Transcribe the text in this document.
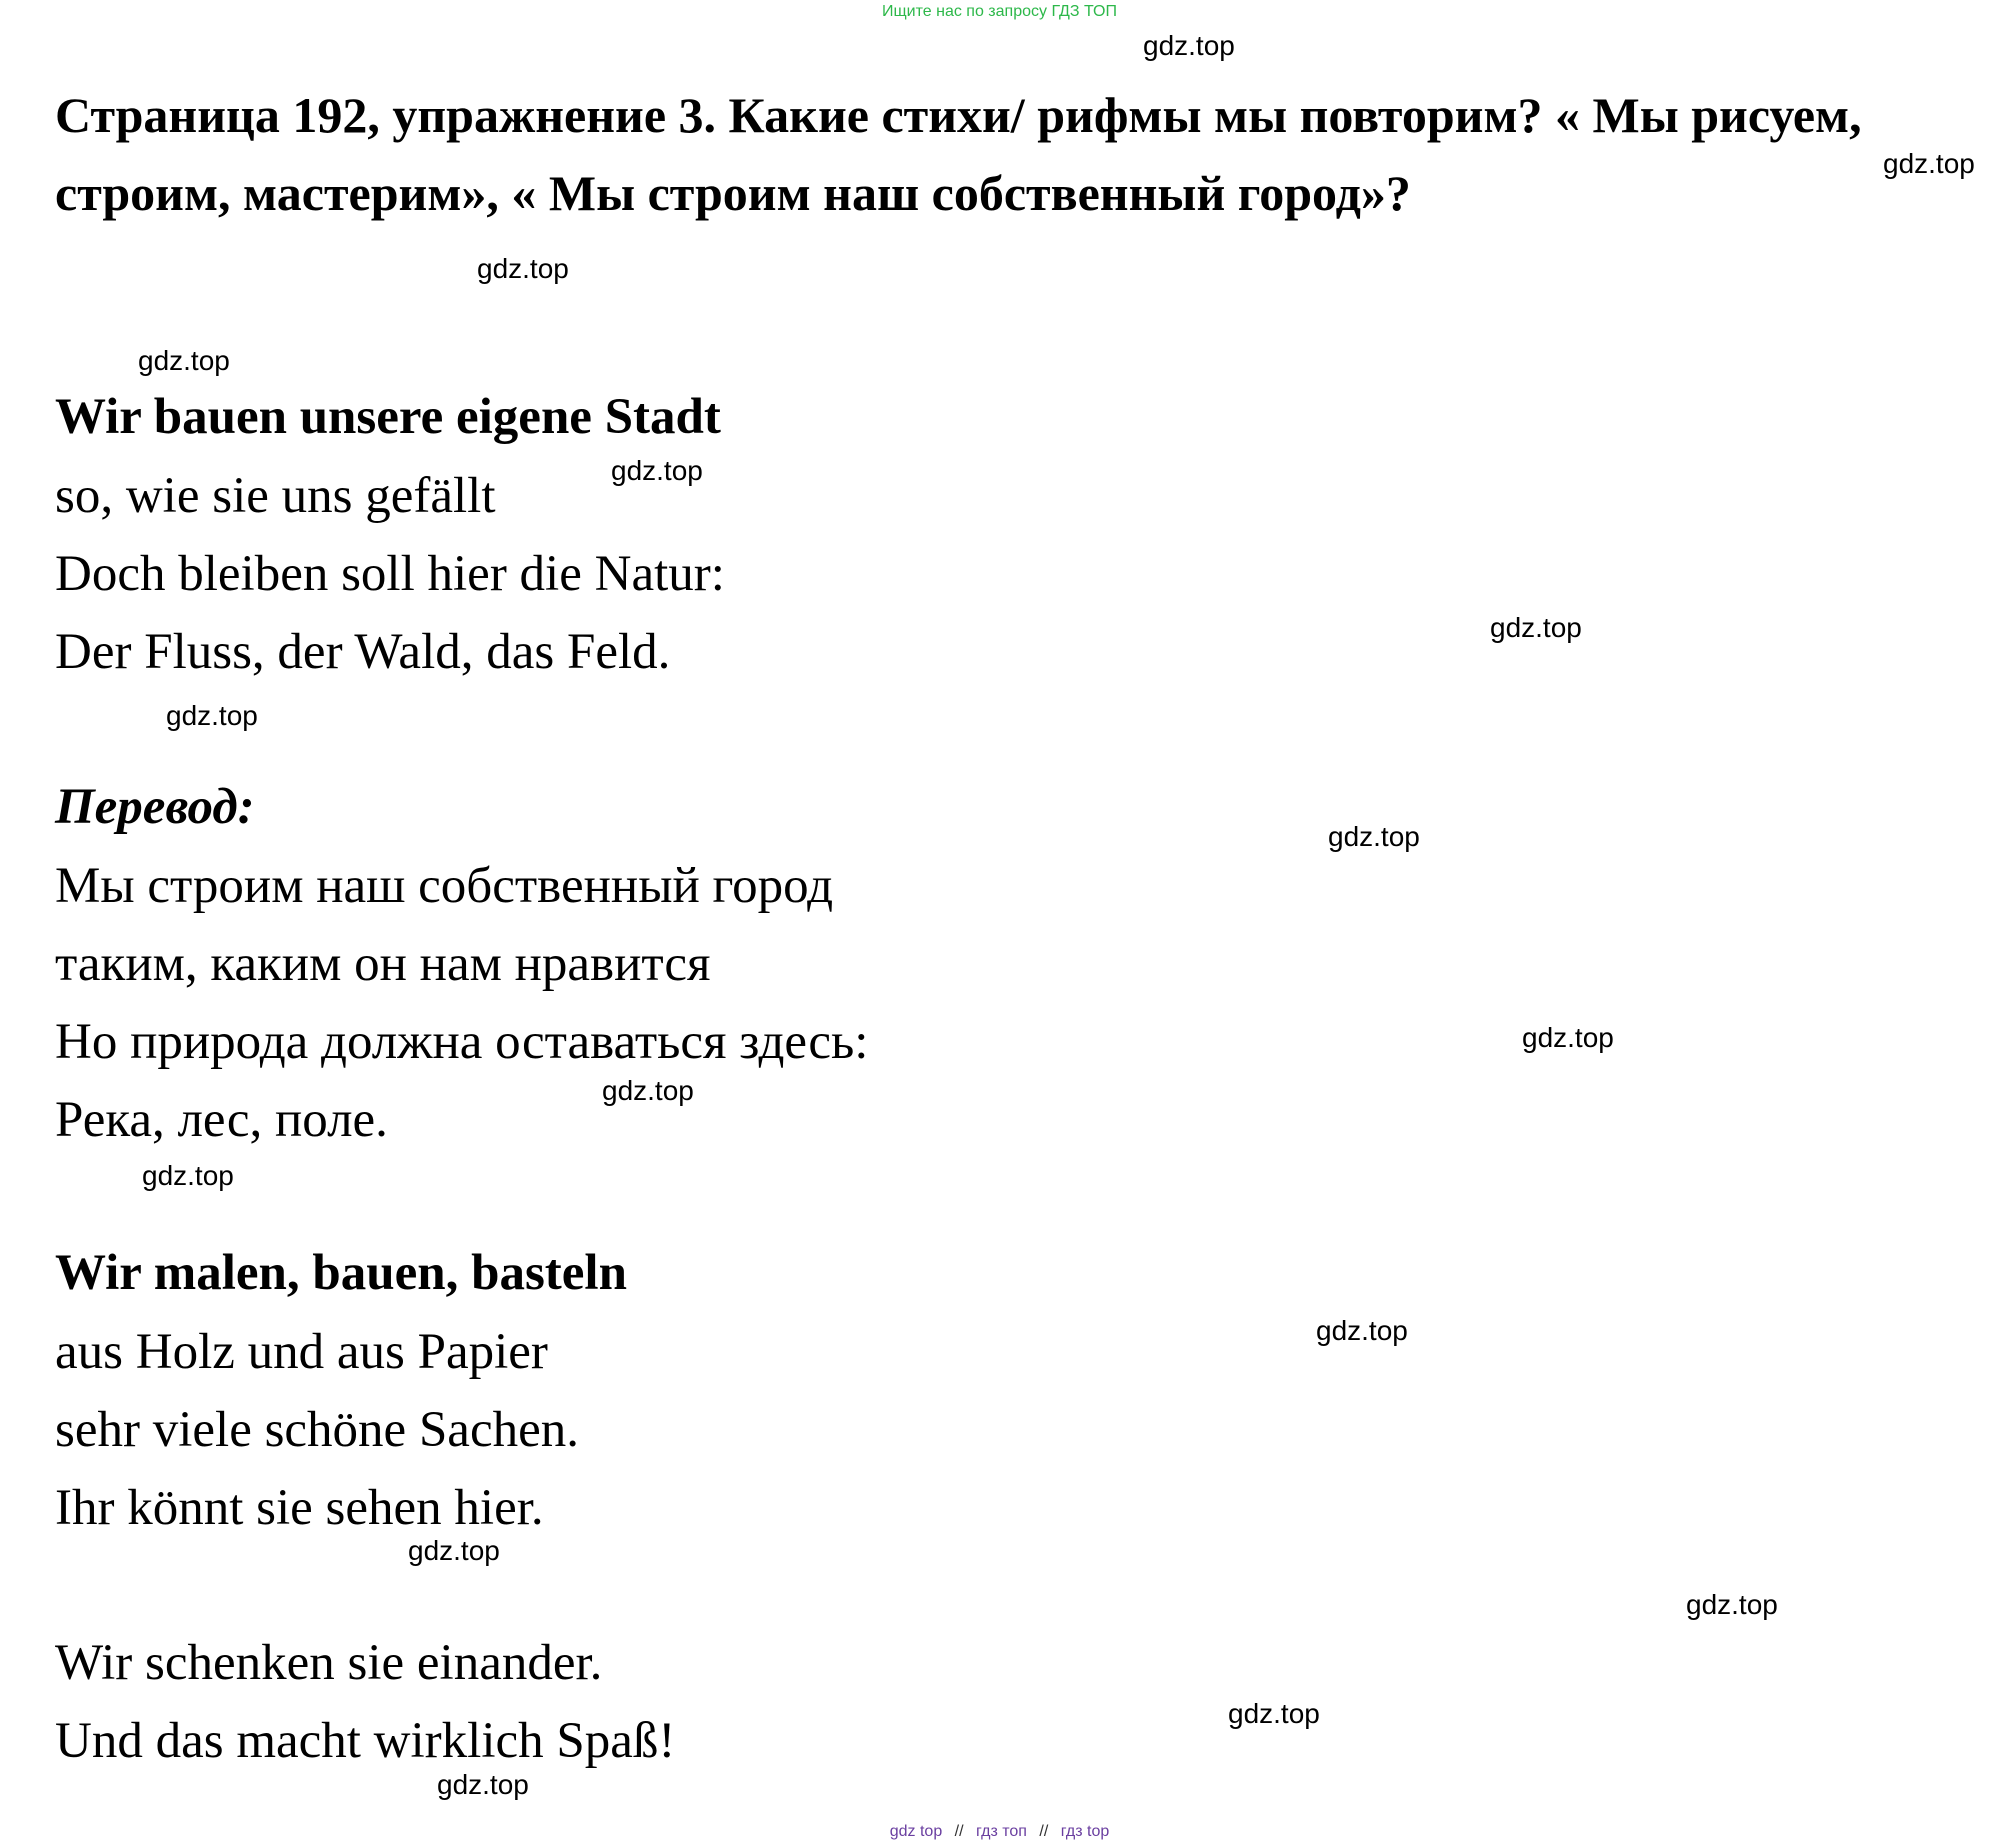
Ищите нас по запросу ГДЗ ТОП

Страница 192, упражнение 3. Какие стихи/ рифмы мы повторим? « Мы рисуем, строим, мастерим», « Мы строим наш собственный город»?

Wir bauen unsere eigene Stadt

so, wie sie uns gefällt

Doch bleiben soll hier die Natur:

Der Fluss, der Wald, das Feld.

Перевод:

Мы строим наш собственный город

таким, каким он нам нравится

Но природа должна оставаться здесь:

Река, лес, поле.

Wir malen, bauen, basteln

aus Holz und aus Papier

sehr viele schöne Sachen.

Ihr könnt sie sehen hier.

Wir schenken sie einander.

Und das macht wirklich Spaß!

gdz.top
gdz.top
gdz.top
gdz.top
gdz.top
gdz.top
gdz.top
gdz.top
gdz.top
gdz.top
gdz.top
gdz.top
gdz.top
gdz.top
gdz.top
gdz.top
gdz top // гдз топ // гдз top
